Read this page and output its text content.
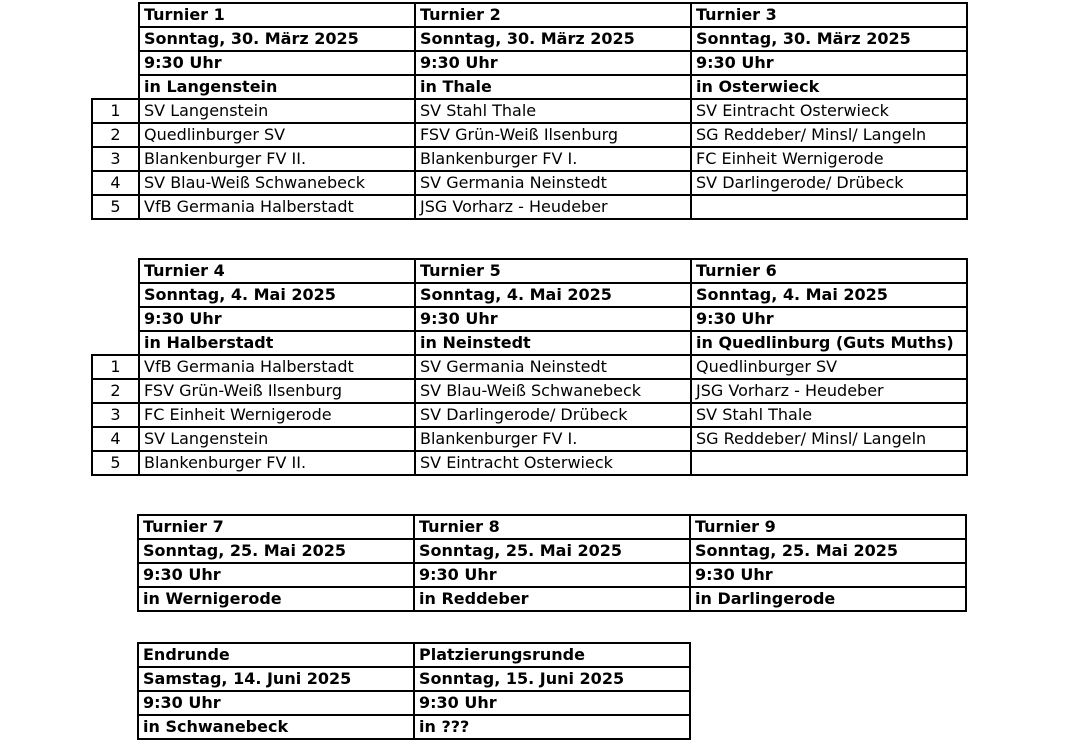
	Turnier 1	Turnier 2	Turnier 3
	Sonntag, 30. März 2025	Sonntag, 30. März 2025	Sonntag, 30. März 2025
	9:30 Uhr	9:30 Uhr	9:30 Uhr
	in Langenstein	in Thale	in Osterwieck
1	SV Langenstein	SV Stahl Thale	SV Eintracht Osterwieck
2	Quedlinburger SV	FSV Grün-Weiß Ilsenburg	SG Reddeber/ Minsl/ Langeln
3	Blankenburger FV II.	Blankenburger FV I.	FC Einheit Wernigerode
4	SV Blau-Weiß Schwanebeck	SV Germania Neinstedt	SV Darlingerode/ Drübeck
5	VfB Germania Halberstadt	JSG Vorharz - Heudeber	
	Turnier 4	Turnier 5	Turnier 6
	Sonntag, 4. Mai 2025	Sonntag, 4. Mai 2025	Sonntag, 4. Mai 2025
	9:30 Uhr	9:30 Uhr	9:30 Uhr
	in Halberstadt	in Neinstedt	in Quedlinburg (Guts Muths)
1	VfB Germania Halberstadt	SV Germania Neinstedt	Quedlinburger SV
2	FSV Grün-Weiß Ilsenburg	SV Blau-Weiß Schwanebeck	JSG Vorharz - Heudeber
3	FC Einheit Wernigerode	SV Darlingerode/ Drübeck	SV Stahl Thale
4	SV Langenstein	Blankenburger FV I.	SG Reddeber/ Minsl/ Langeln
5	Blankenburger FV II.	SV Eintracht Osterwieck	
	Turnier 7	Turnier 8	Turnier 9
	Sonntag, 25. Mai 2025	Sonntag, 25. Mai 2025	Sonntag, 25. Mai 2025
	9:30 Uhr	9:30 Uhr	9:30 Uhr
	in Wernigerode	in Reddeber	in Darlingerode
	Endrunde	Platzierungsrunde
	Samstag, 14. Juni 2025	Sonntag, 15. Juni 2025
	9:30 Uhr	9:30 Uhr
	in Schwanebeck	in ???
